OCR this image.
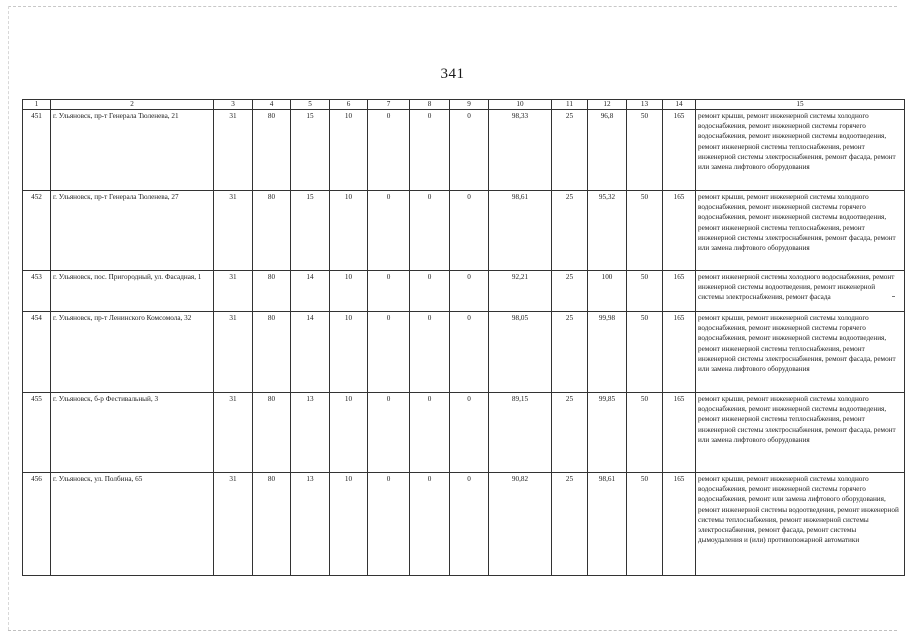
341
1	2	3	4	5	6	7	8	9	10	11	12	13	14	15
451	г. Ульяновск, пр-т Генерала Тюленева, 21	31	80	15	10	0	0	0	98,33	25	96,8	50	165	ремонт крыши, ремонт инженерной системы холодного водоснабжения, ремонт инженерной системы горячего водоснабжения, ремонт инженерной системы водоотведения, ремонт инженерной системы теплоснабжения, ремонт инженерной системы электроснабжения, ремонт фасада, ремонт или замена лифтового оборудования
452	г. Ульяновск, пр-т Генерала Тюленева, 27	31	80	15	10	0	0	0	98,61	25	95,32	50	165	ремонт крыши, ремонт инженерной системы холодного водоснабжения, ремонт инженерной системы горячего водоснабжения, ремонт инженерной системы водоотведения, ремонт инженерной системы теплоснабжения, ремонт инженерной системы электроснабжения, ремонт фасада, ремонт или замена лифтового оборудования
453	г. Ульяновск, пос. Пригородный, ул. Фасадная, 1	31	80	14	10	0	0	0	92,21	25	100	50	165	ремонт инженерной системы холодного водоснабжения, ремонт инженерной системы водоотведения, ремонт инженерной системы электроснабжения, ремонт фасада
454	г. Ульяновск, пр-т Ленинского Комсомола, 32	31	80	14	10	0	0	0	98,05	25	99,98	50	165	ремонт крыши, ремонт инженерной системы холодного водоснабжения, ремонт инженерной системы горячего водоснабжения, ремонт инженерной системы водоотведения, ремонт инженерной системы теплоснабжения, ремонт инженерной системы электроснабжения, ремонт фасада, ремонт или замена лифтового оборудования
455	г. Ульяновск, б-р Фестивальный, 3	31	80	13	10	0	0	0	89,15	25	99,85	50	165	ремонт крыши, ремонт инженерной системы холодного водоснабжения, ремонт инженерной системы водоотведения, ремонт инженерной системы теплоснабжения, ремонт инженерной системы электроснабжения, ремонт фасада, ремонт или замена лифтового оборудования
456	г. Ульяновск, ул. Полбина, 65	31	80	13	10	0	0	0	90,82	25	98,61	50	165	ремонт крыши, ремонт инженерной системы холодного водоснабжения, ремонт инженерной системы горячего водоснабжения, ремонт или замена лифтового оборудования, ремонт инженерной системы водоотведения, ремонт инженерной системы теплоснабжения, ремонт инженерной системы электроснабжения, ремонт фасада, ремонт системы дымоудаления и (или) противопожарной автоматики
